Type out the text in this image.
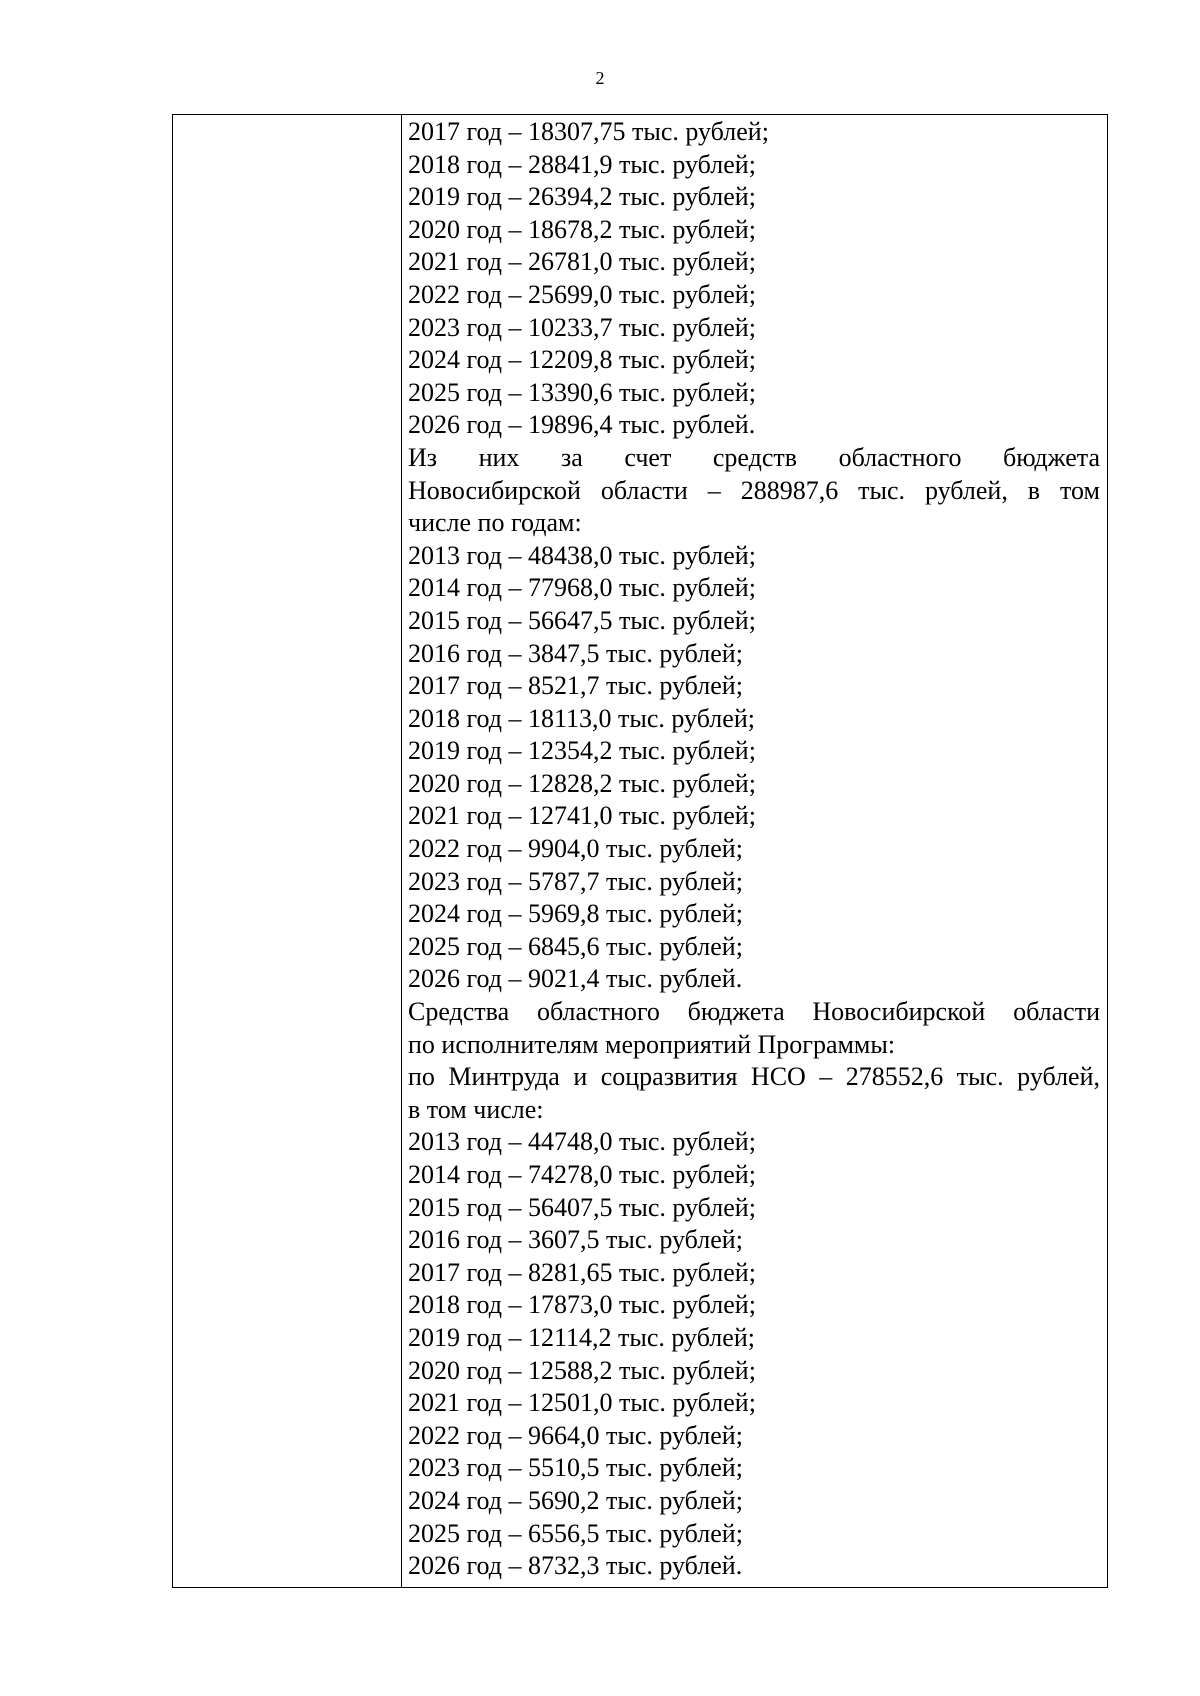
2
2017 год – 18307,75 тыс. рублей;
2018 год – 28841,9 тыс. рублей;
2019 год – 26394,2 тыс. рублей;
2020 год – 18678,2 тыс. рублей;
2021 год – 26781,0 тыс. рублей;
2022 год – 25699,0 тыс. рублей;
2023 год – 10233,7 тыс. рублей;
2024 год – 12209,8 тыс. рублей;
2025 год – 13390,6 тыс. рублей;
2026 год – 19896,4 тыс. рублей.
Из них за счет средств областного бюджета
Новосибирской области – 288987,6 тыс. рублей, в том
числе по годам:
2013 год – 48438,0 тыс. рублей;
2014 год – 77968,0 тыс. рублей;
2015 год – 56647,5 тыс. рублей;
2016 год – 3847,5 тыс. рублей;
2017 год – 8521,7 тыс. рублей;
2018 год – 18113,0 тыс. рублей;
2019 год – 12354,2 тыс. рублей;
2020 год – 12828,2 тыс. рублей;
2021 год – 12741,0 тыс. рублей;
2022 год – 9904,0 тыс. рублей;
2023 год – 5787,7 тыс. рублей;
2024 год – 5969,8 тыс. рублей;
2025 год – 6845,6 тыс. рублей;
2026 год – 9021,4 тыс. рублей.
Средства областного бюджета Новосибирской области
по исполнителям мероприятий Программы:
по Минтруда и соцразвития НСО – 278552,6 тыс. рублей,
в том числе:
2013 год – 44748,0 тыс. рублей;
2014 год – 74278,0 тыс. рублей;
2015 год – 56407,5 тыс. рублей;
2016 год – 3607,5 тыс. рублей;
2017 год – 8281,65 тыс. рублей;
2018 год – 17873,0 тыс. рублей;
2019 год – 12114,2 тыс. рублей;
2020 год – 12588,2 тыс. рублей;
2021 год – 12501,0 тыс. рублей;
2022 год – 9664,0 тыс. рублей;
2023 год – 5510,5 тыс. рублей;
2024 год – 5690,2 тыс. рублей;
2025 год – 6556,5 тыс. рублей;
2026 год – 8732,3 тыс. рублей.
